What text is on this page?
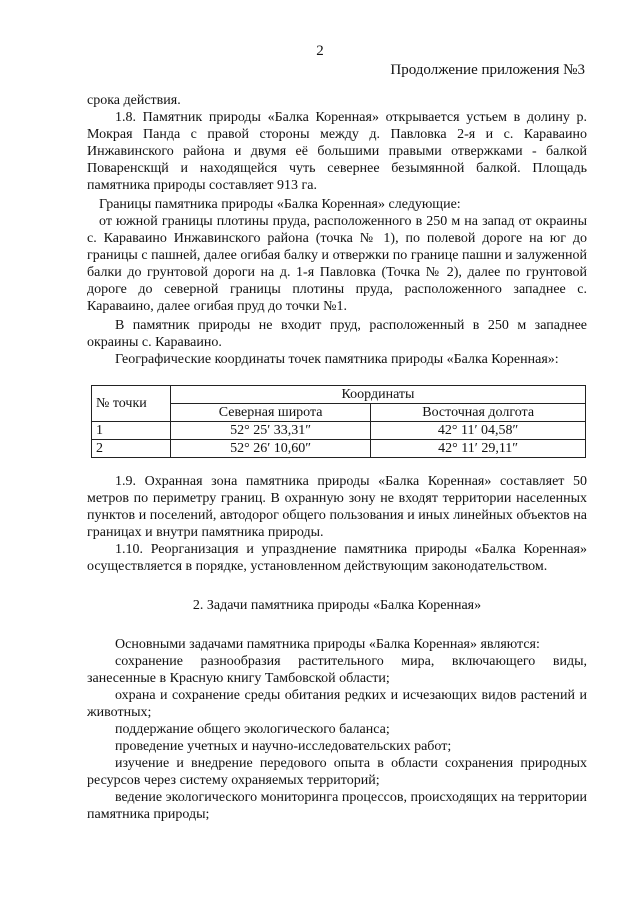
2
Продолжение приложения №3

срока действия.

1.8. Памятник природы «Балка Коренная» открывается устьем в долину р. Мокрая Панда с правой стороны между д. Павловка 2-я и с. Караваино Инжавинского района и двумя её большими правыми отвержками - балкой Поваренскщй и находящейся чуть севернее безымянной балкой. Площадь памятника природы составляет 913 га.

Границы памятника природы «Балка Коренная» следующие:

от южной границы плотины пруда, расположенного в 250 м на запад от окраины с. Караваино Инжавинского района (точка № 1), по полевой дороге на юг до границы с пашней, далее огибая балку и отвержки по границе пашни и залуженной балки до грунтовой дороги на д. 1-я Павловка (Точка № 2), далее по грунтовой дороге до северной границы плотины пруда, расположенного западнее с. Караваино, далее огибая пруд до точки №1.

В памятник природы не входит пруд, расположенный в 250 м западнее окраины с. Караваино.

Географические координаты точек памятника природы «Балка Коренная»:

№ точки	Координаты	
	Северная широта	Восточная долгота
1	52° 25′ 33,31″	42° 11′ 04,58″
2	52° 26′ 10,60″	42° 11′ 29,11″

1.9. Охранная зона памятника природы «Балка Коренная» составляет 50 метров по периметру границ. В охранную зону не входят территории населенных пунктов и поселений, автодорог общего пользования и иных линейных объектов на границах и внутри памятника природы.

1.10. Реорганизация и упразднение памятника природы «Балка Коренная» осуществляется в порядке, установленном действующим законодательством.

2. Задачи памятника природы «Балка Коренная»

Основными задачами памятника природы «Балка Коренная» являются:

сохранение разнообразия растительного мира, включающего виды, занесенные в Красную книгу Тамбовской области;

охрана и сохранение среды обитания редких и исчезающих видов растений и животных;

поддержание общего экологического баланса;

проведение учетных и научно-исследовательских работ;

изучение и внедрение передового опыта в области сохранения природных ресурсов через систему охраняемых территорий;

ведение экологического мониторинга процессов, происходящих на территории памятника природы;
